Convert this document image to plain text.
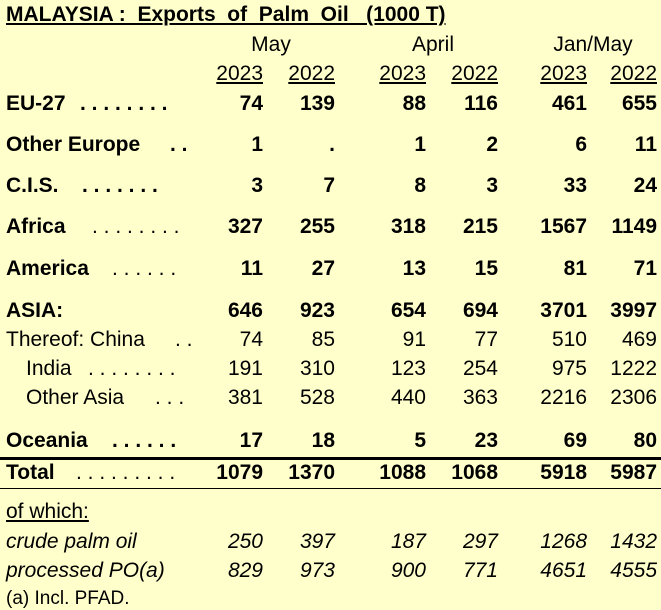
MALAYSIA :  Exports  of  Palm  Oil   (1000 T)
May	April	Jan/May
2023	2022	2023	2022	2023	2022
EU-27 . . . . . . . .	74	139	88	116	461	655
Other Europe . .	1	.	1	2	6	11
C.I.S. . . . . . . .	3	7	8	3	33	24
Africa . . . . . . . .	327	255	318	215	1567	1149
America . . . . . .	11	27	13	15	81	71
ASIA:	646	923	654	694	3701	3997
Thereof: China . .	74	85	91	77	510	469
India . . . . . . . .	191	310	123	254	975	1222
Other Asia . . .	381	528	440	363	2216	2306
Oceania . . . . . .	17	18	5	23	69	80
Total . . . . . . . . .	1079	1370	1088	1068	5918	5987
of which:
crude palm oil	250	397	187	297	1268	1432
processed PO(a)	829	973	900	771	4651	4555
(a) Incl. PFAD.
